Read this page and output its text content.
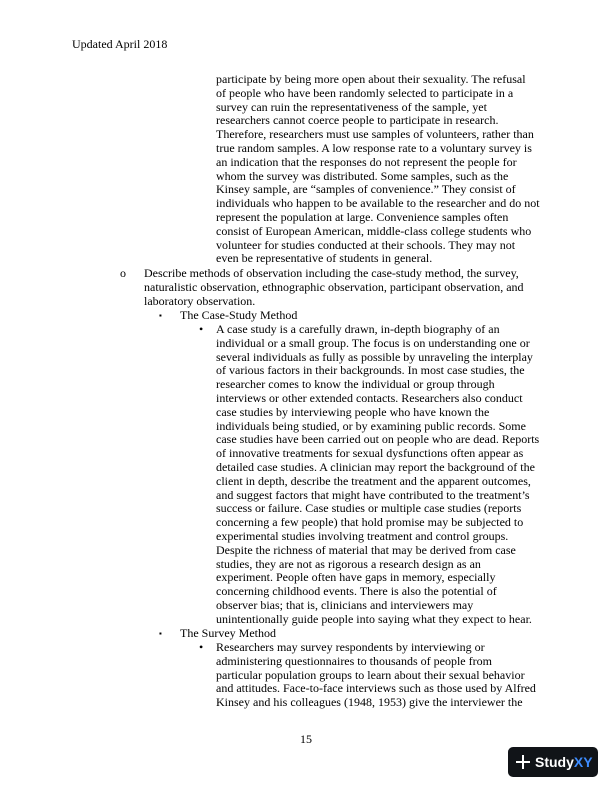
Updated April 2018
participate by being more open about their sexuality. The refusal
of people who have been randomly selected to participate in a
survey can ruin the representativeness of the sample, yet
researchers cannot coerce people to participate in research.
Therefore, researchers must use samples of volunteers, rather than
true random samples. A low response rate to a voluntary survey is
an indication that the responses do not represent the people for
whom the survey was distributed. Some samples, such as the
Kinsey sample, are “samples of convenience.” They consist of
individuals who happen to be available to the researcher and do not
represent the population at large. Convenience samples often
consist of European American, middle-class college students who
volunteer for studies conducted at their schools. They may not
even be representative of students in general.
o Describe methods of observation including the case-study method, the survey,
naturalistic observation, ethnographic observation, participant observation, and
laboratory observation.
▪ The Case-Study Method
• A case study is a carefully drawn, in-depth biography of an
individual or a small group. The focus is on understanding one or
several individuals as fully as possible by unraveling the interplay
of various factors in their backgrounds. In most case studies, the
researcher comes to know the individual or group through
interviews or other extended contacts. Researchers also conduct
case studies by interviewing people who have known the
individuals being studied, or by examining public records. Some
case studies have been carried out on people who are dead. Reports
of innovative treatments for sexual dysfunctions often appear as
detailed case studies. A clinician may report the background of the
client in depth, describe the treatment and the apparent outcomes,
and suggest factors that might have contributed to the treatment’s
success or failure. Case studies or multiple case studies (reports
concerning a few people) that hold promise may be subjected to
experimental studies involving treatment and control groups.
Despite the richness of material that may be derived from case
studies, they are not as rigorous a research design as an
experiment. People often have gaps in memory, especially
concerning childhood events. There is also the potential of
observer bias; that is, clinicians and interviewers may
unintentionally guide people into saying what they expect to hear.
▪ The Survey Method
• Researchers may survey respondents by interviewing or
administering questionnaires to thousands of people from
particular population groups to learn about their sexual behavior
and attitudes. Face-to-face interviews such as those used by Alfred
Kinsey and his colleagues (1948, 1953) give the interviewer the
15
Study XY
